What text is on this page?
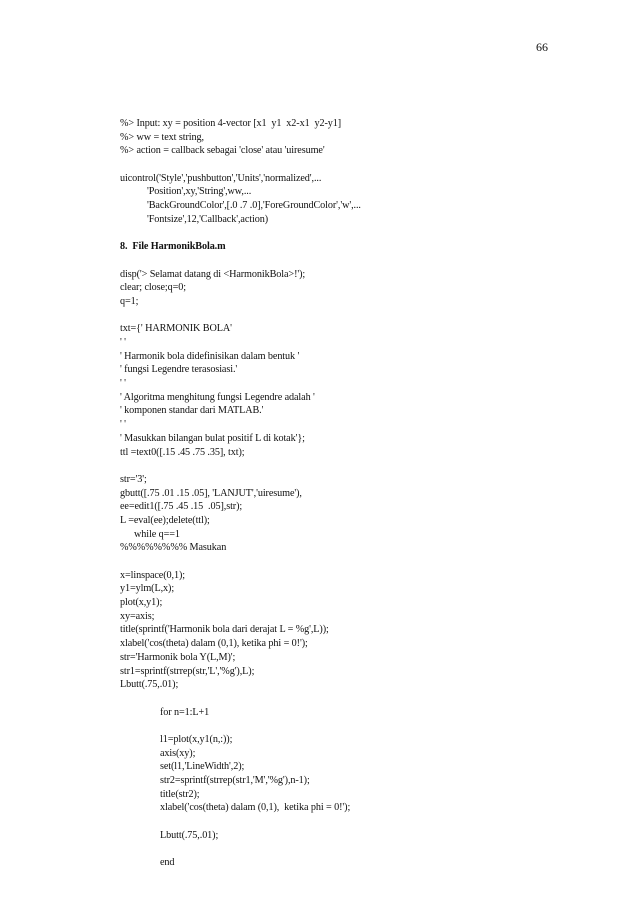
66
%> Input: xy = position 4-vector [x1  y1  x2-x1  y2-y1]
%> ww = text string,
%> action = callback sebagai 'close' atau 'uiresume'
uicontrol('Style','pushbutton','Units','normalized',...
'Position',xy,'String',ww,...
'BackGroundColor',[.0 .7 .0],'ForeGroundColor','w',...
'Fontsize',12,'Callback',action)
8.  File HarmonikBola.m
disp('> Selamat datang di <HarmonikBola>!');
clear; close;q=0;
q=1;
txt={' HARMONIK BOLA'
' '
' Harmonik bola didefinisikan dalam bentuk '
' fungsi Legendre terasosiasi.'
' '
' Algoritma menghitung fungsi Legendre adalah '
' komponen standar dari MATLAB.'
' '
' Masukkan bilangan bulat positif L di kotak'};
ttl =text0([.15 .45 .75 .35], txt);
str='3';
gbutt([.75 .01 .15 .05], 'LANJUT','uiresume'),
ee=edit1([.75 .45 .15  .05],str);
L =eval(ee);delete(ttl);
while q==1
%%%%%%%% Masukan
x=linspace(0,1);
y1=ylm(L,x);
plot(x,y1);
xy=axis;
title(sprintf('Harmonik bola dari derajat L = %g',L));
xlabel('cos(theta) dalam (0,1), ketika phi = 0!');
str='Harmonik bola Y(L,M)';
str1=sprintf(strrep(str,'L','%g'),L);
Lbutt(.75,.01);
for n=1:L+1
l1=plot(x,y1(n,:));
axis(xy);
set(l1,'LineWidth',2);
str2=sprintf(strrep(str1,'M','%g'),n-1);
title(str2);
xlabel('cos(theta) dalam (0,1),  ketika phi = 0!');
Lbutt(.75,.01);
end
